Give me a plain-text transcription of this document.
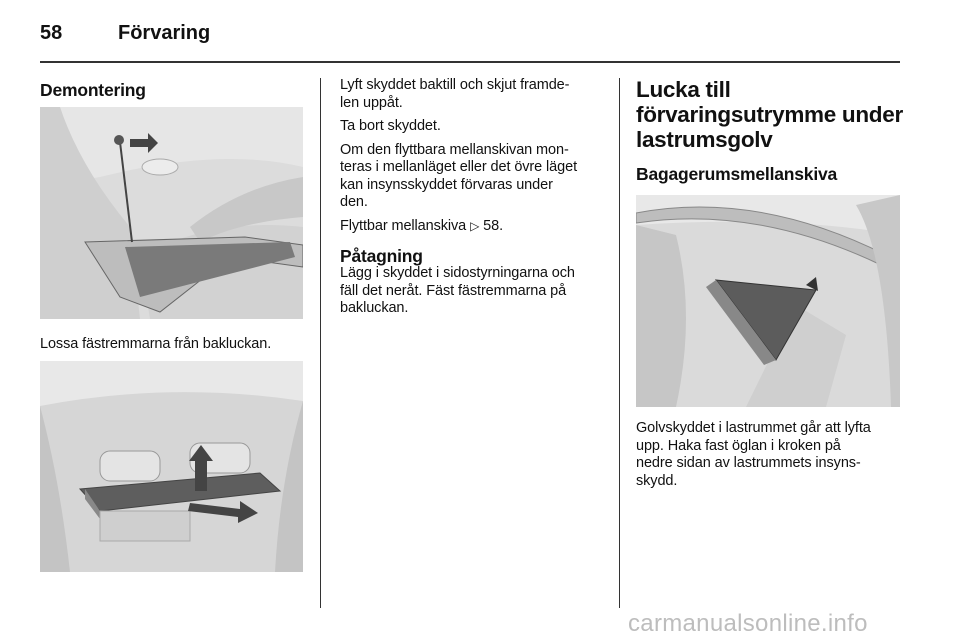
58	Förvaring
Demontering
Lossa fästremmarna från bakluckan.

Lyft skyddet baktill och skjut framde-
len uppåt.

Ta bort skyddet.

Om den flyttbara mellanskivan mon-
teras i mellanläget eller det övre läget
kan insynsskyddet förvaras under
den.

Flyttbar mellanskiva ▷ 58.

Påtagning

Lägg i skyddet i sidostyrningarna och
fäll det neråt. Fäst fästremmarna på
bakluckan.

Lucka till
förvaringsutrymme under
lastrumsgolv
Bagagerumsmellanskiva

Golvskyddet i lastrummet går att lyfta
upp. Haka fast öglan i kroken på
nedre sidan av lastrummets insyns-
skydd.

carmanualsonline.info
